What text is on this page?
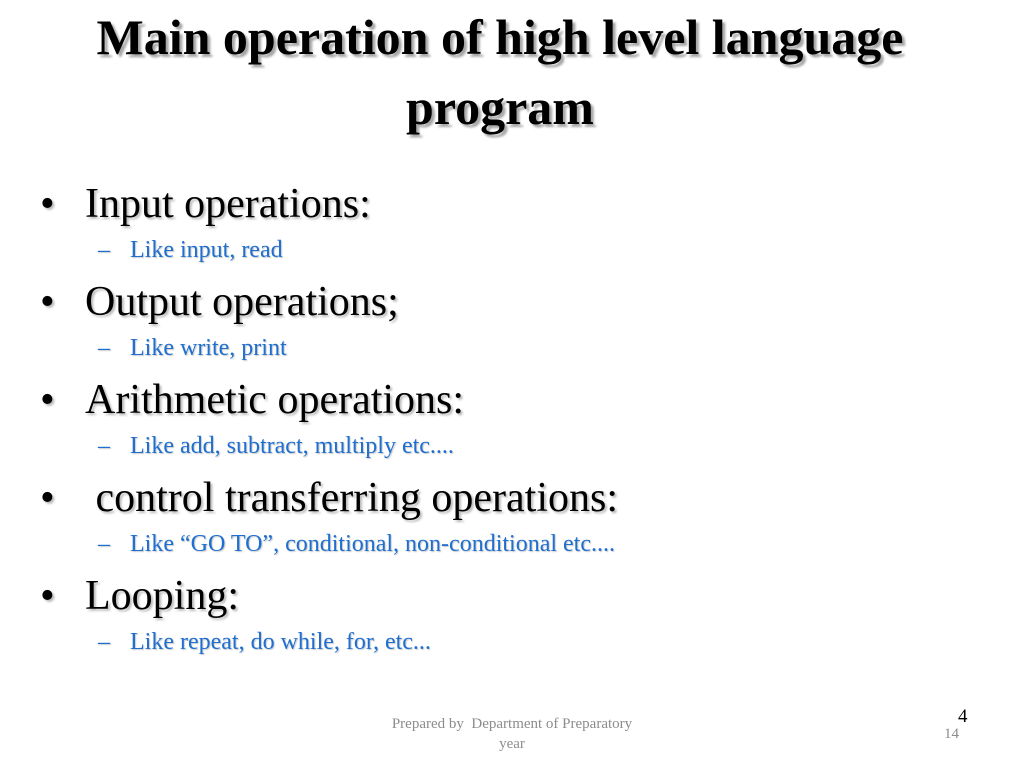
Main operation of high level language
program
• Input operations:
– Like input, read
• Output operations;
– Like write, print
• Arithmetic operations:
– Like add, subtract, multiply etc....
• control transferring operations:
– Like “GO TO”, conditional, non-conditional etc....
• Looping:
– Like repeat, do while, for, etc...
Prepared by  Department of Preparatory
year
4
14
